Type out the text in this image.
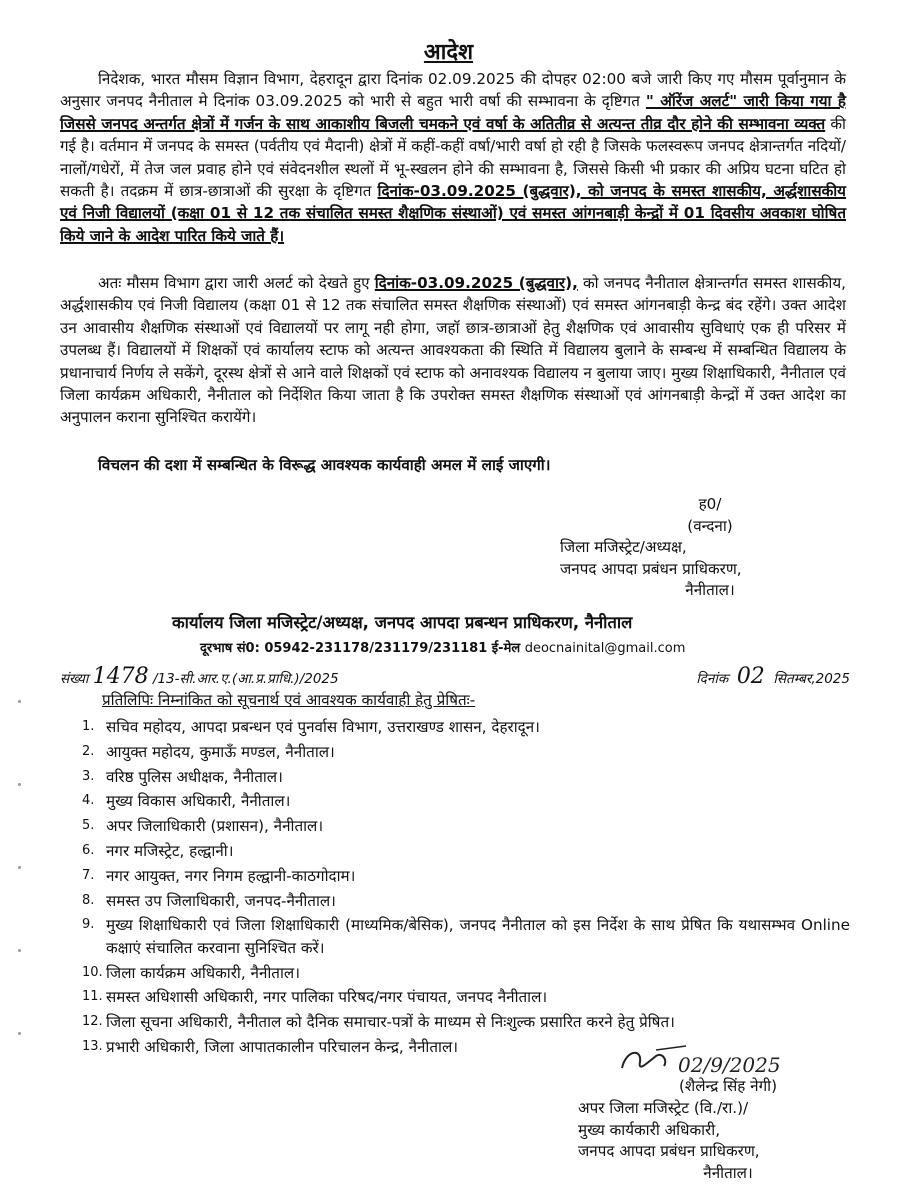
आदेश
निदेशक, भारत मौसम विज्ञान विभाग, देहरादून द्वारा दिनांक 02.09.2025 की दोपहर 02:00 बजे जारी किए गए मौसम पूर्वानुमान के अनुसार जनपद नैनीताल मे दिनांक 03.09.2025 को भारी से बहुत भारी वर्षा की सम्भावना के दृष्टिगत " ऑरेंज अलर्ट" जारी किया गया है जिससे जनपद अन्तर्गत क्षेत्रों में गर्जन के साथ आकाशीय बिजली चमकने एवं वर्षा के अतितीव्र से अत्यन्त तीव्र दौर होने की सम्भावना व्यक्त की गई है। वर्तमान में जनपद के समस्त (पर्वतीय एवं मैदानी) क्षेत्रों में कहीं-कहीं वर्षा/भारी वर्षा हो रही है जिसके फलस्वरूप जनपद क्षेत्रान्तर्गत नदियों/नालों/गधेरों, में तेज जल प्रवाह होने एवं संवेदनशील स्थलों में भू-स्खलन होने की सम्भावना है, जिससे किसी भी प्रकार की अप्रिय घटना घटित हो सकती है। तदक्रम में छात्र-छात्राओं की सुरक्षा के दृष्टिगत दिनांक-03.09.2025 (बुद्धवार), को जनपद के समस्त शासकीय, अर्द्धशासकीय एवं निजी विद्यालयों (कक्षा 01 से 12 तक संचालित समस्त शैक्षणिक संस्थाओं) एवं समस्त आंगनबाड़ी केन्द्रों में 01 दिवसीय अवकाश घोषित किये जाने के आदेश पारित किये जाते हैं।
अतः मौसम विभाग द्वारा जारी अलर्ट को देखते हुए दिनांक-03.09.2025 (बुद्धवार), को जनपद नैनीताल क्षेत्रान्तर्गत समस्त शासकीय, अर्द्धशासकीय एवं निजी विद्यालय (कक्षा 01 से 12 तक संचालित समस्त शैक्षणिक संस्थाओं) एवं समस्त आंगनबाड़ी केन्द्र बंद रहेंगे। उक्त आदेश उन आवासीय शैक्षणिक संस्थाओं एवं विद्यालयों पर लागू नही होगा, जहॉ छात्र-छात्राओं हेतु शैक्षणिक एवं आवासीय सुविधाएं एक ही परिसर में उपलब्ध हैं। विद्यालयों में शिक्षकों एवं कार्यालय स्टाफ को अत्यन्त आवश्यकता की स्थिति में विद्यालय बुलाने के सम्बन्ध में सम्बन्धित विद्यालय के प्रधानाचार्य निर्णय ले सकेंगे, दूरस्थ क्षेत्रों से आने वाले शिक्षकों एवं स्टाफ को अनावश्यक विद्यालय न बुलाया जाए। मुख्य शिक्षाधिकारी, नैनीताल एवं जिला कार्यक्रम अधिकारी, नैनीताल को निर्देशित किया जाता है कि उपरोक्त समस्त शैक्षणिक संस्थाओं एवं आंगनबाड़ी केन्द्रों में उक्त आदेश का अनुपालन कराना सुनिश्चित करायेंगे।
विचलन की दशा में सम्बन्धित के विरूद्ध आवश्यक कार्यवाही अमल में लाई जाएगी।
ह0/
(वन्दना)
जिला मजिस्ट्रेट/अध्यक्ष,
जनपद आपदा प्रबंधन प्राधिकरण,
नैनीताल।
कार्यालय जिला मजिस्ट्रेट/अध्यक्ष, जनपद आपदा प्रबन्धन प्राधिकरण, नैनीताल
दूरभाष सं0: 05942-231178/231179/231181 ई-मेल deocnainital@gmail.com
संख्या 1478 /13-सी.आर.ए.(आ.प्र.प्राधि.)/2025	दिनांक 02 सितम्बर,2025
प्रतिलिपिः निम्नांकित को सूचनार्थ एवं आवश्यक कार्यवाही हेतु प्रेषितः-
1. सचिव महोदय, आपदा प्रबन्धन एवं पुनर्वास विभाग, उत्तराखण्ड शासन, देहरादून।
2. आयुक्त महोदय, कुमाऊँ मण्डल, नैनीताल।
3. वरिष्ठ पुलिस अधीक्षक, नैनीताल।
4. मुख्य विकास अधिकारी, नैनीताल।
5. अपर जिलाधिकारी (प्रशासन), नैनीताल।
6. नगर मजिस्ट्रेट, हल्द्वानी।
7. नगर आयुक्त, नगर निगम हल्द्वानी-काठगोदाम।
8. समस्त उप जिलाधिकारी, जनपद-नैनीताल।
9. मुख्य शिक्षाधिकारी एवं जिला शिक्षाधिकारी (माध्यमिक/बेसिक), जनपद नैनीताल को इस निर्देश के साथ प्रेषित कि यथासम्भव Online कक्षाएं संचालित करवाना सुनिश्चित करें।
10. जिला कार्यक्रम अधिकारी, नैनीताल।
11. समस्त अधिशासी अधिकारी, नगर पालिका परिषद/नगर पंचायत, जनपद नैनीताल।
12. जिला सूचना अधिकारी, नैनीताल को दैनिक समाचार-पत्रों के माध्यम से निःशुल्क प्रसारित करने हेतु प्रेषित।
13. प्रभारी अधिकारी, जिला आपातकालीन परिचालन केन्द्र, नैनीताल।
02/9/2025
(शैलेन्द्र सिंह नेगी)
अपर जिला मजिस्ट्रेट (वि./रा.)/
मुख्य कार्यकारी अधिकारी,
जनपद आपदा प्रबंधन प्राधिकरण,
नैनीताल।
